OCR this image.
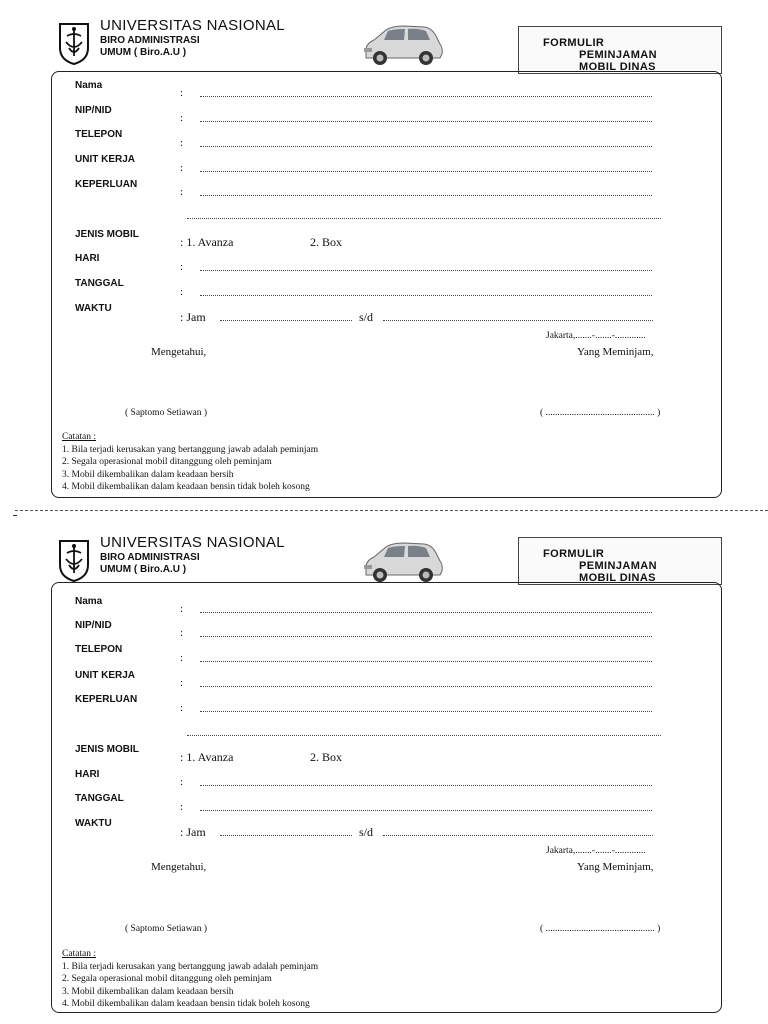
UNIVERSITAS NASIONAL
BIRO ADMINISTRASI
UMUM ( Biro.A.U )
FORMULIR
PEMINJAMAN
MOBIL DINAS
Nama
:
NIP/NID
:
TELEPON
:
UNIT KERJA
:
KEPERLUAN
:
JENIS MOBIL
: 1. Avanza	2. Box
HARI
:
TANGGAL
:
WAKTU
: Jam	s/d
Jakarta,.......-.......-.............
Mengetahui,	Yang Meminjam,
( Saptomo Setiawan )	( .............................................. )
Catatan :
1. Bila terjadi kerusakan yang bertanggung jawab adalah peminjam
2. Segala operasional mobil ditanggung oleh peminjam
3. Mobil dikembalikan dalam keadaan bersih
4. Mobil dikembalikan dalam keadaan bensin tidak boleh kosong
UNIVERSITAS NASIONAL
BIRO ADMINISTRASI
UMUM ( Biro.A.U )
FORMULIR
PEMINJAMAN
MOBIL DINAS
Nama
:
NIP/NID
:
TELEPON
:
UNIT KERJA
:
KEPERLUAN
:
JENIS MOBIL
: 1. Avanza	2. Box
HARI
:
TANGGAL
:
WAKTU
: Jam	s/d
Jakarta,.......-.......-.............
Mengetahui,	Yang Meminjam,
( Saptomo Setiawan )	( .............................................. )
Catatan :
1. Bila terjadi kerusakan yang bertanggung jawab adalah peminjam
2. Segala operasional mobil ditanggung oleh peminjam
3. Mobil dikembalikan dalam keadaan bersih
4. Mobil dikembalikan dalam keadaan bensin tidak boleh kosong
